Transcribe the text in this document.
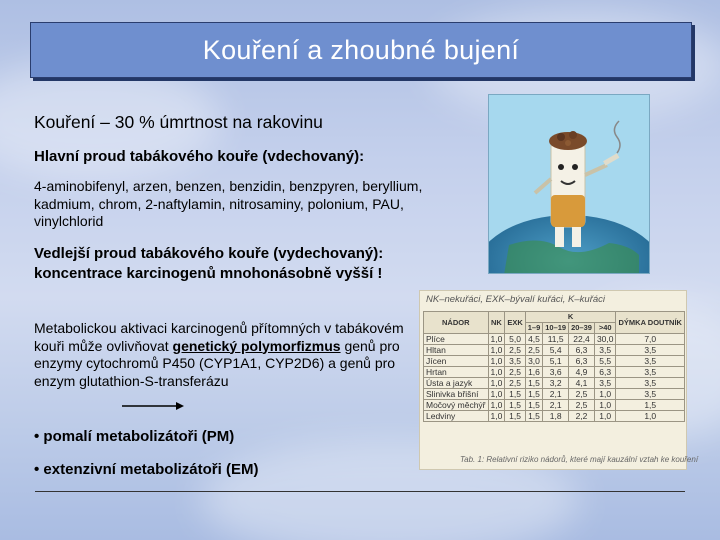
Kouření a zhoubné bujení
Kouření – 30 % úmrtnost na rakovinu
Hlavní proud tabákového kouře (vdechovaný):
4-aminobifenyl, arzen, benzen, benzidin, benzpyren, beryllium, kadmium, chrom, 2-naftylamin, nitrosaminy, polonium, PAU, vinylchlorid
Vedlejší proud tabákového kouře (vydechovaný): koncentrace karcinogenů mnohonásobně vyšší !
Metabolickou aktivaci karcinogenů přítomných v tabákovém kouři může ovlivňovat genetický polymorfizmus genů pro enzymy cytochromů P450 (CYP1A1, CYP2D6) a genů pro enzym glutathion-S-transferázu
• pomalí metabolizátoři (PM)
• extenzivní metabolizátoři (EM)
NK–nekuřáci, EXK–bývalí kuřáci, K–kuřáci
NÁDOR	NK	EXK	K				DÝMKA DOUTNÍK
			1–9	10–19	20–39	>40	
Plíce	1,0	5,0	4,5	11,5	22,4	30,0	7,0
Hltan	1,0	2,5	2,5	5,4	6,3	3,5	3,5
Jícen	1,0	3,5	3,0	5,1	6,3	5,5	3,5
Hrtan	1,0	2,5	1,6	3,6	4,9	6,3	3,5
Ústa a jazyk	1,0	2,5	1,5	3,2	4,1	3,5	3,5
Slinivka břišní	1,0	1,5	1,5	2,1	2,5	1,0	3,5
Močový měchýř	1,0	1,5	1,5	2,1	2,5	1,0	1,5
Ledviny	1,0	1,5	1,5	1,8	2,2	1,0	1,0
Tab. 1: Relativní riziko nádorů, které mají kauzální vztah ke kouření
